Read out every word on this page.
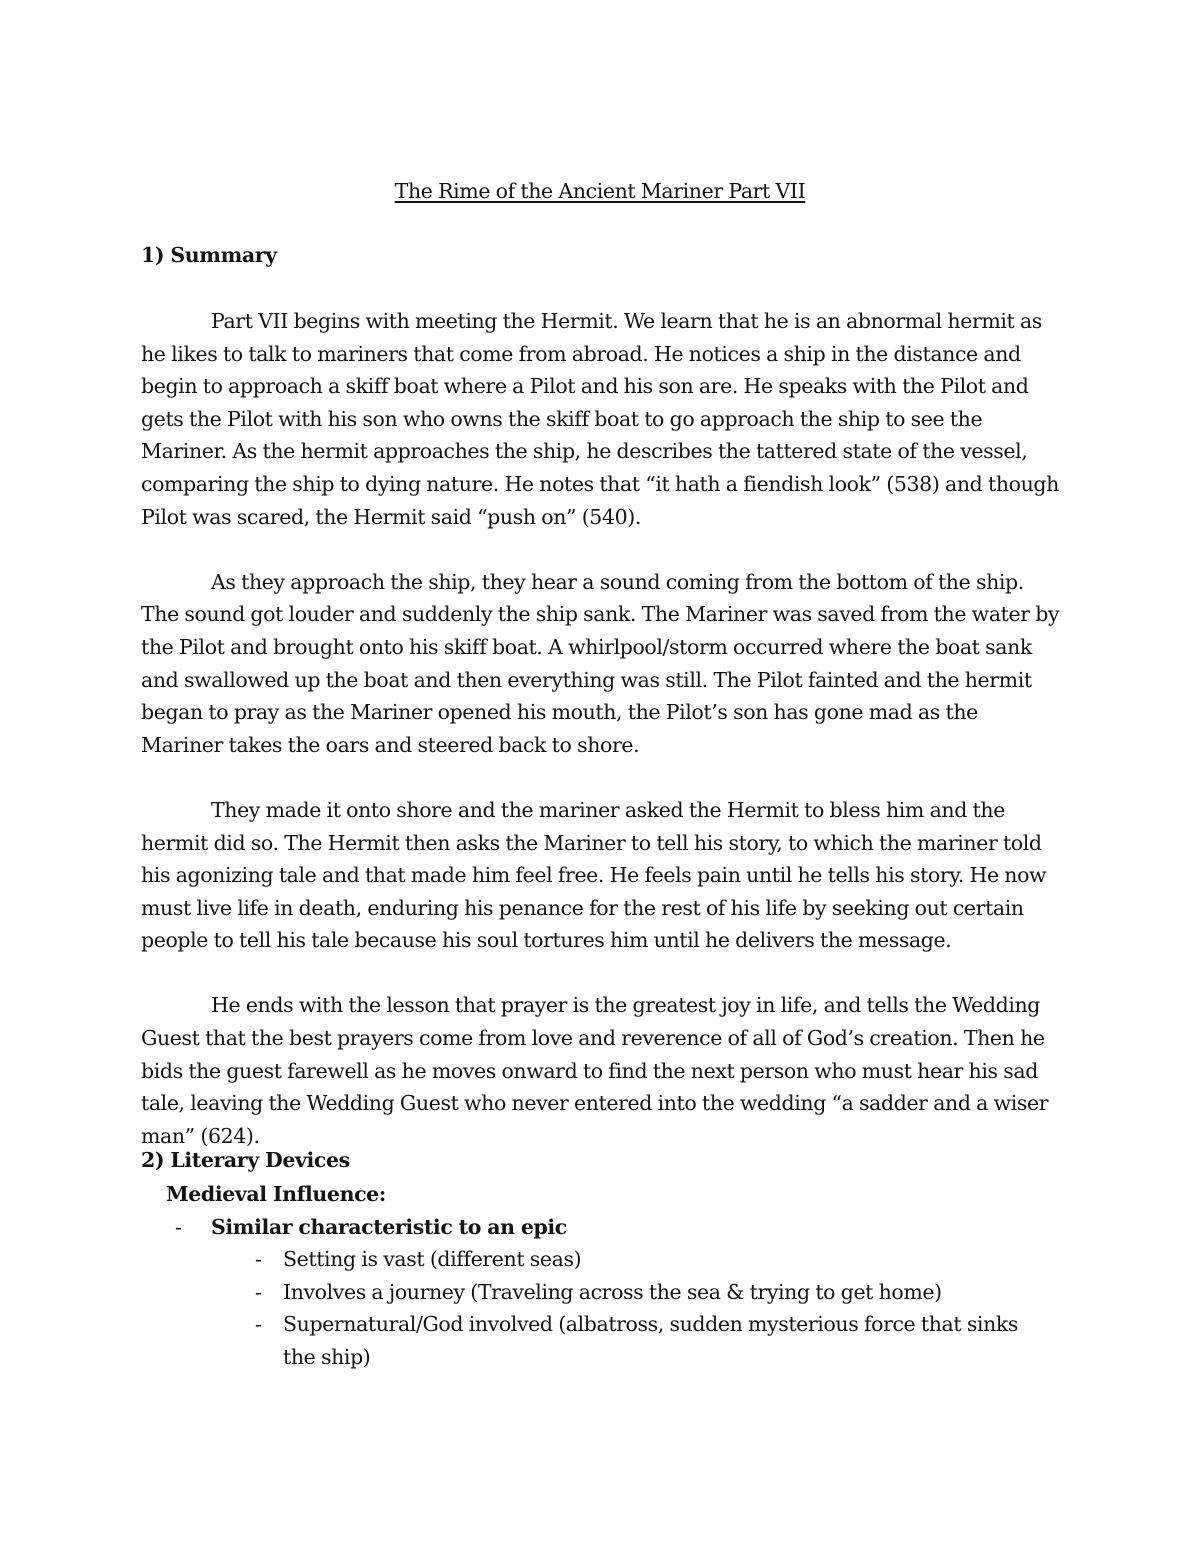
The Rime of the Ancient Mariner Part VII

1) Summary

Part VII begins with meeting the Hermit. We learn that he is an abnormal hermit as he likes to talk to mariners that come from abroad. He notices a ship in the distance and begin to approach a skiff boat where a Pilot and his son are. He speaks with the Pilot and gets the Pilot with his son who owns the skiff boat to go approach the ship to see the Mariner. As the hermit approaches the ship, he describes the tattered state of the vessel, comparing the ship to dying nature. He notes that “it hath a fiendish look” (538) and though Pilot was scared, the Hermit said “push on” (540).

As they approach the ship, they hear a sound coming from the bottom of the ship. The sound got louder and suddenly the ship sank. The Mariner was saved from the water by the Pilot and brought onto his skiff boat. A whirlpool/storm occurred where the boat sank and swallowed up the boat and then everything was still. The Pilot fainted and the hermit began to pray as the Mariner opened his mouth, the Pilot’s son has gone mad as the Mariner takes the oars and steered back to shore.

They made it onto shore and the mariner asked the Hermit to bless him and the hermit did so. The Hermit then asks the Mariner to tell his story, to which the mariner told his agonizing tale and that made him feel free. He feels pain until he tells his story. He now must live life in death, enduring his penance for the rest of his life by seeking out certain people to tell his tale because his soul tortures him until he delivers the message.

He ends with the lesson that prayer is the greatest joy in life, and tells the Wedding Guest that the best prayers come from love and reverence of all of God’s creation. Then he bids the guest farewell as he moves onward to find the next person who must hear his sad tale, leaving the Wedding Guest who never entered into the wedding “a sadder and a wiser man” (624).

2) Literary Devices

Medieval Influence:
- Similar characteristic to an epic
- Setting is vast (different seas)
- Involves a journey (Traveling across the sea & trying to get home)
- Supernatural/God involved (albatross, sudden mysterious force that sinks the ship)
